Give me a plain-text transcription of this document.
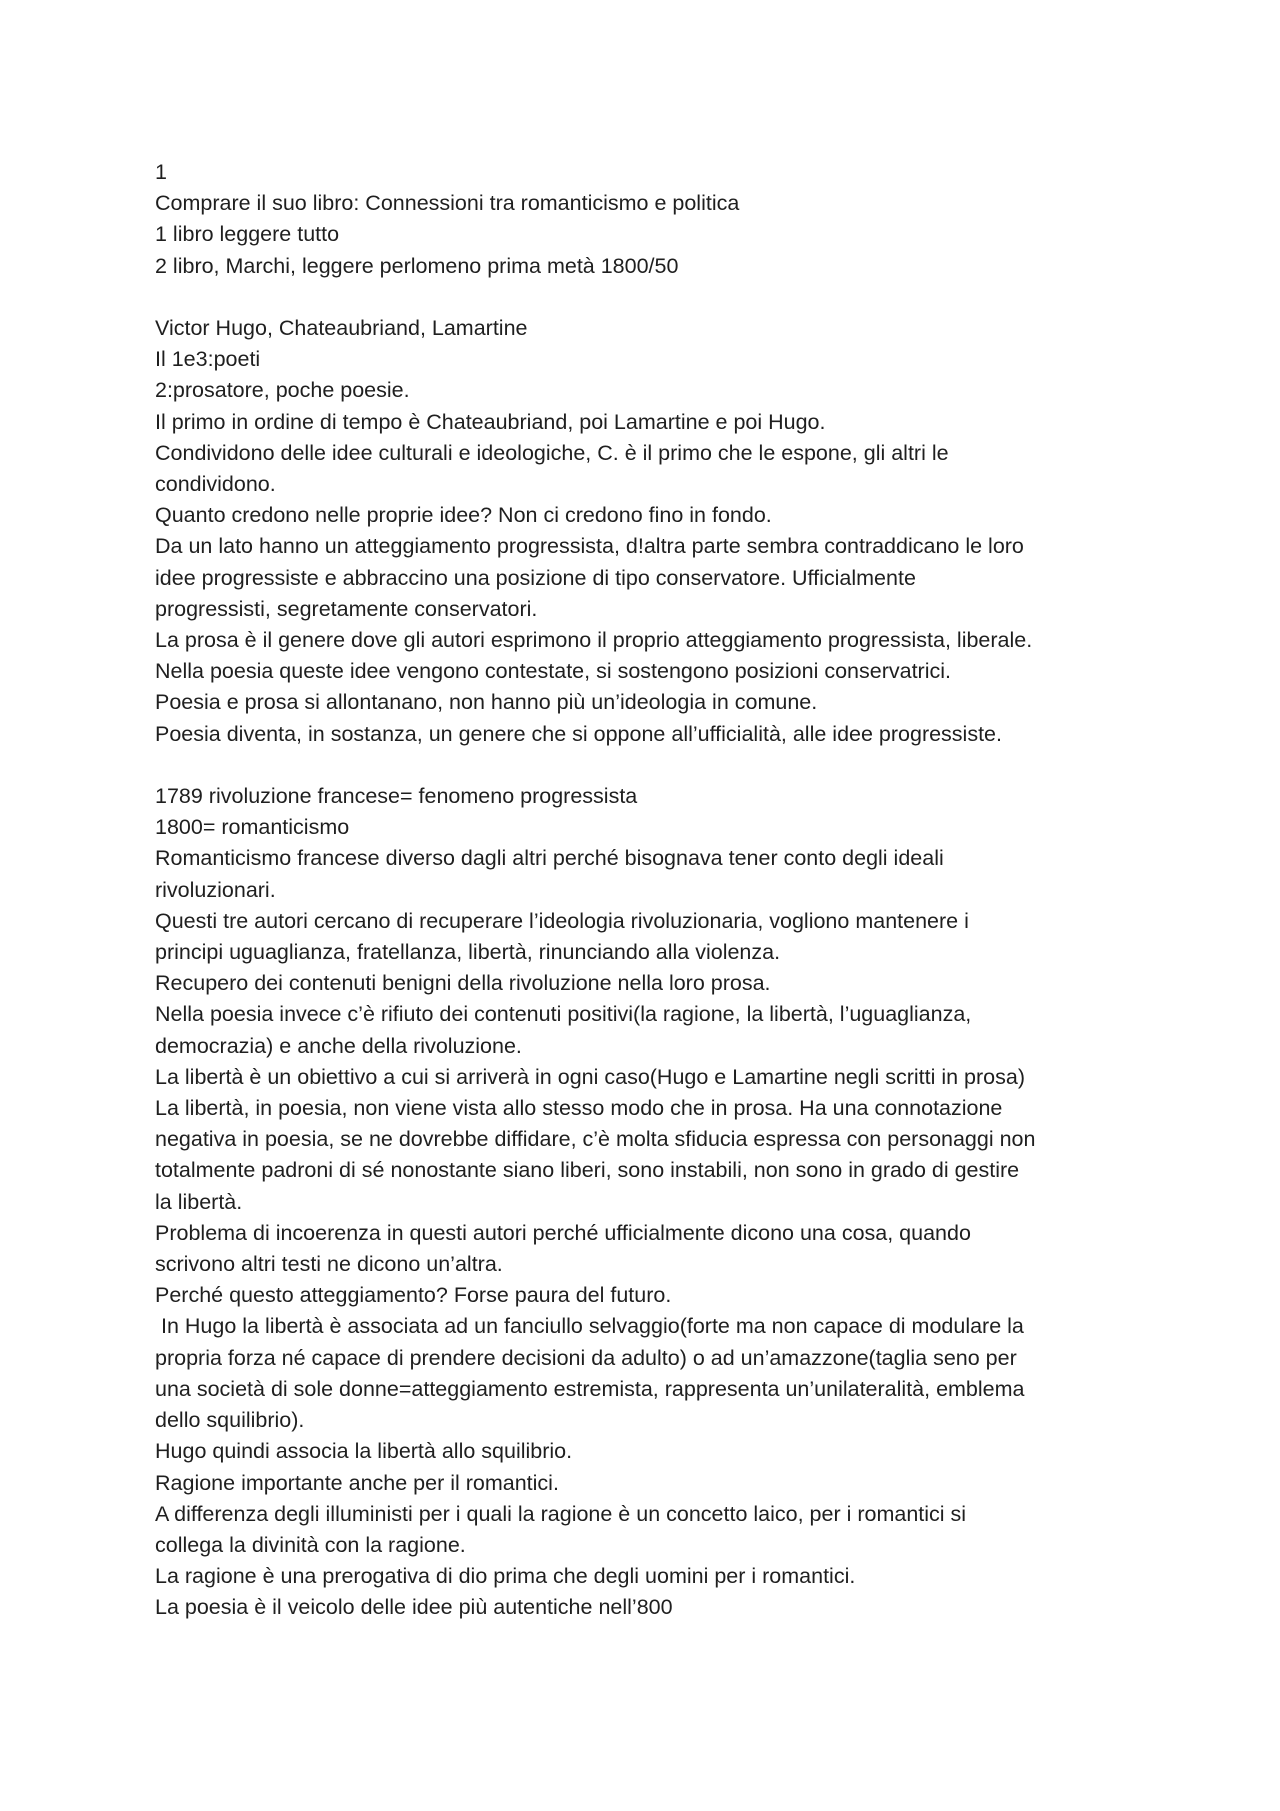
1
Comprare il suo libro: Connessioni tra romanticismo e politica
1 libro leggere tutto
2 libro, Marchi, leggere perlomeno prima metà 1800/50
Victor Hugo, Chateaubriand, Lamartine
Il 1e3:poeti
2:prosatore, poche poesie.
Il primo in ordine di tempo è Chateaubriand, poi Lamartine e poi Hugo.
Condividono delle idee culturali e ideologiche, C. è il primo che le espone, gli altri le
condividono.
Quanto credono nelle proprie idee? Non ci credono fino in fondo.
Da un lato hanno un atteggiamento progressista, d!altra parte sembra contraddicano le loro
idee progressiste e abbraccino una posizione di tipo conservatore. Ufficialmente
progressisti, segretamente conservatori.
La prosa è il genere dove gli autori esprimono il proprio atteggiamento progressista, liberale.
Nella poesia queste idee vengono contestate, si sostengono posizioni conservatrici.
Poesia e prosa si allontanano, non hanno più un’ideologia in comune.
Poesia diventa, in sostanza, un genere che si oppone all’ufficialità, alle idee progressiste.
1789 rivoluzione francese= fenomeno progressista
1800= romanticismo
Romanticismo francese diverso dagli altri perché bisognava tener conto degli ideali
rivoluzionari.
Questi tre autori cercano di recuperare l’ideologia rivoluzionaria, vogliono mantenere i
principi uguaglianza, fratellanza, libertà, rinunciando alla violenza.
Recupero dei contenuti benigni della rivoluzione nella loro prosa.
Nella poesia invece c’è rifiuto dei contenuti positivi(la ragione, la libertà, l’uguaglianza,
democrazia) e anche della rivoluzione.
La libertà è un obiettivo a cui si arriverà in ogni caso(Hugo e Lamartine negli scritti in prosa)
La libertà, in poesia, non viene vista allo stesso modo che in prosa. Ha una connotazione
negativa in poesia, se ne dovrebbe diffidare, c’è molta sfiducia espressa con personaggi non
totalmente padroni di sé nonostante siano liberi, sono instabili, non sono in grado di gestire
la libertà.
Problema di incoerenza in questi autori perché ufficialmente dicono una cosa, quando
scrivono altri testi ne dicono un’altra.
Perché questo atteggiamento? Forse paura del futuro.
In Hugo la libertà è associata ad un fanciullo selvaggio(forte ma non capace di modulare la
propria forza né capace di prendere decisioni da adulto) o ad un’amazzone(taglia seno per
una società di sole donne=atteggiamento estremista, rappresenta un’unilateralità, emblema
dello squilibrio).
Hugo quindi associa la libertà allo squilibrio.
Ragione importante anche per il romantici.
A differenza degli illuministi per i quali la ragione è un concetto laico, per i romantici si
collega la divinità con la ragione.
La ragione è una prerogativa di dio prima che degli uomini per i romantici.
La poesia è il veicolo delle idee più autentiche nell’800
